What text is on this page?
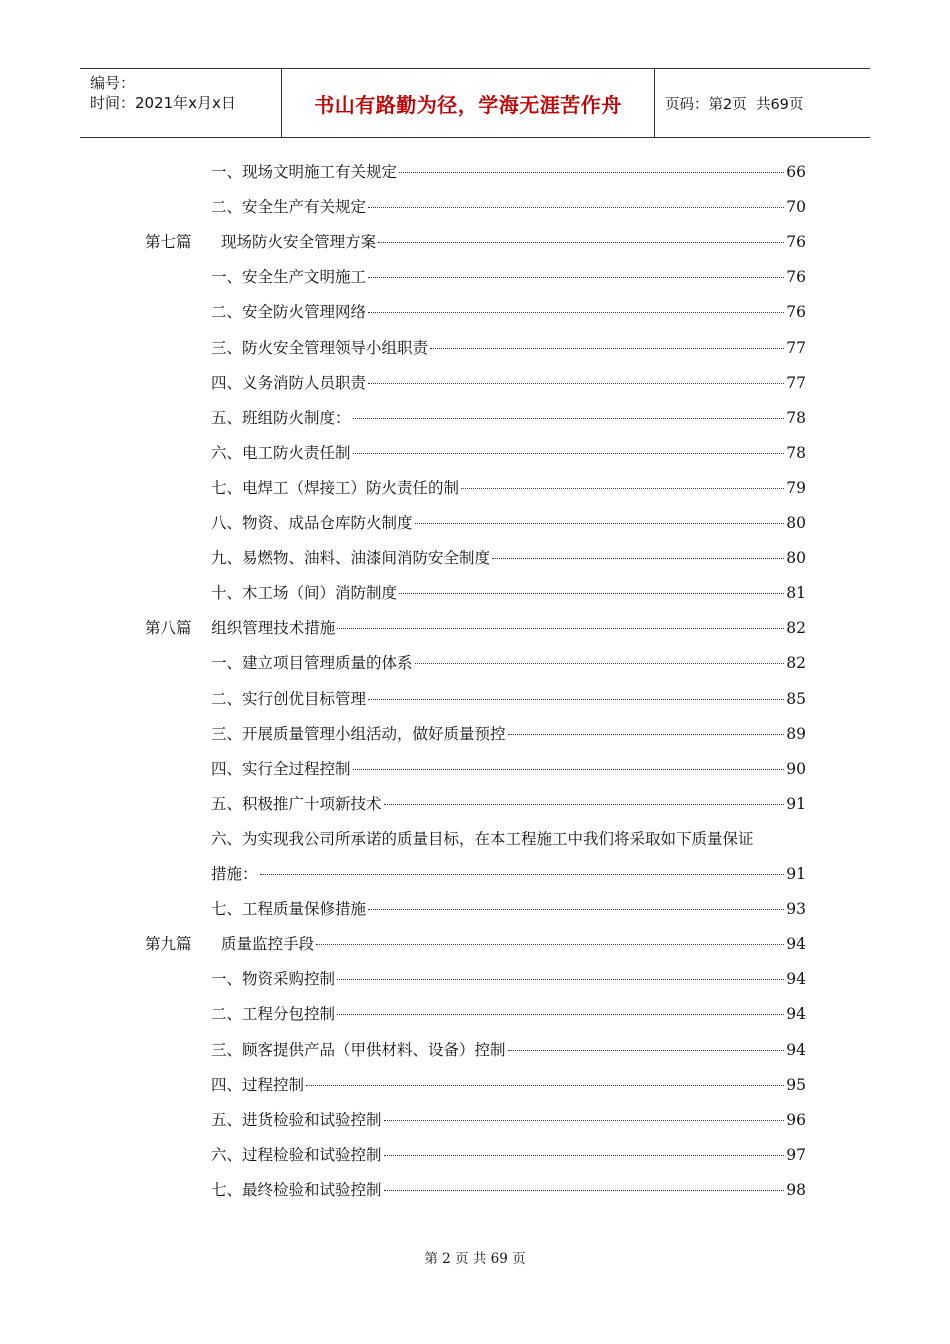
编号：
时间：2021年x月x日	书山有路勤为径，学海无涯苦作舟	页码：第2页  共69页
一、现场文明施工有关规定	66
二、安全生产有关规定	70
第七篇      现场防火安全管理方案	76
一、安全生产文明施工	76
二、安全防火管理网络	76
三、防火安全管理领导小组职责	77
四、义务消防人员职责	77
五、班组防火制度：	78
六、电工防火责任制	78
七、电焊工（焊接工）防火责任的制	79
八、物资、成品仓库防火制度	80
九、易燃物、油料、油漆间消防安全制度	80
十、木工场（间）消防制度	81
第八篇    组织管理技术措施	82
一、建立项目管理质量的体系	82
二、实行创优目标管理	85
三、开展质量管理小组活动，做好质量预控	89
四、实行全过程控制	90
五、积极推广十项新技术	91
六、为实现我公司所承诺的质量目标，在本工程施工中我们将采取如下质量保证
措施：	91
七、工程质量保修措施	93
第九篇      质量监控手段	94
一、物资采购控制	94
二、工程分包控制	94
三、顾客提供产品（甲供材料、设备）控制	94
四、过程控制	95
五、进货检验和试验控制	96
六、过程检验和试验控制	97
七、最终检验和试验控制	98
第 2 页 共 69 页
